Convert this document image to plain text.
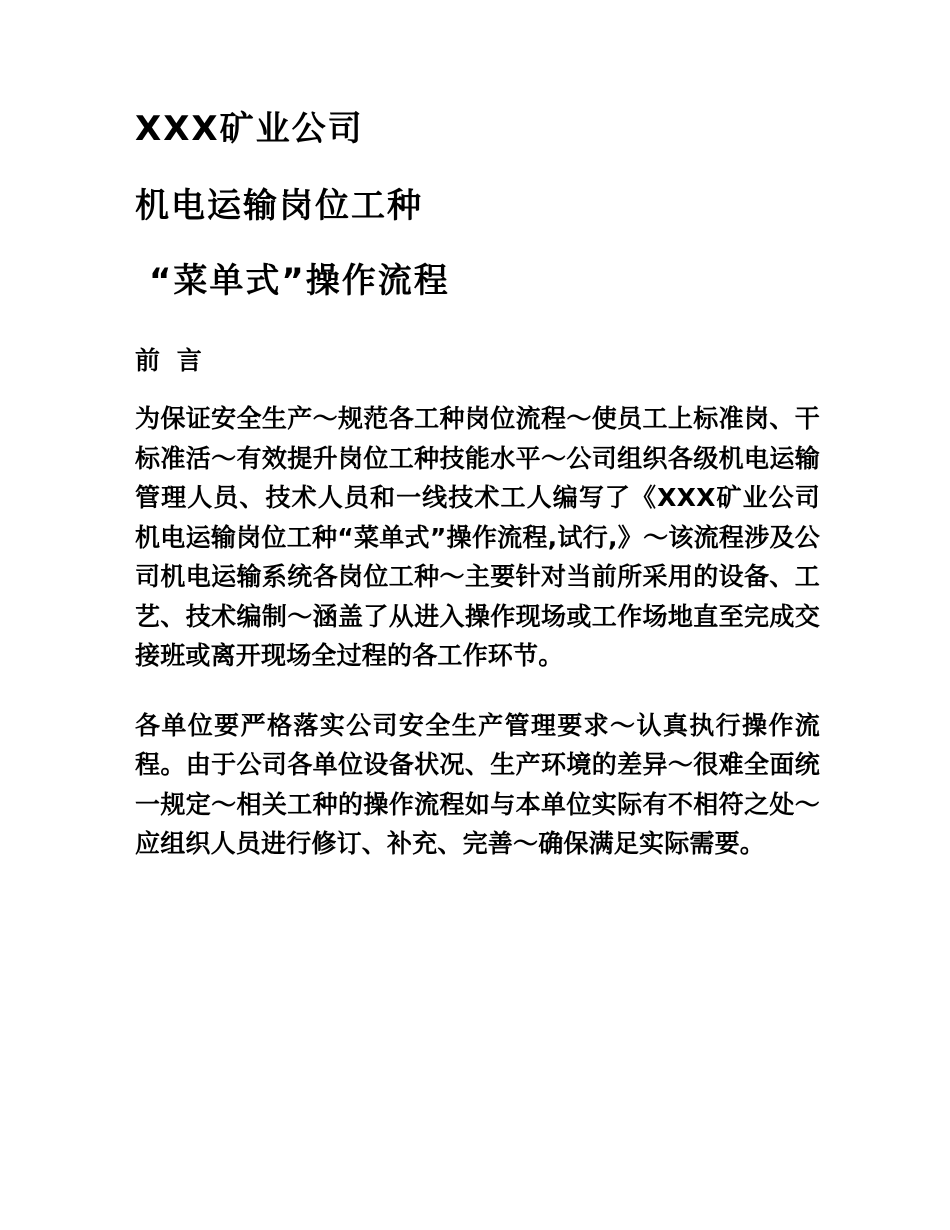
XXX矿业公司
机电运输岗位工种
“菜单式”操作流程
前 言

为保证安全生产～规范各工种岗位流程～使员工上标准岗、干标准活～有效提升岗位工种技能水平～公司组织各级机电运输管理人员、技术人员和一线技术工人编写了《XXX矿业公司机电运输岗位工种“菜单式”操作流程,试行,》～该流程涉及公司机电运输系统各岗位工种～主要针对当前所采用的设备、工艺、技术编制～涵盖了从进入操作现场或工作场地直至完成交接班或离开现场全过程的各工作环节。

各单位要严格落实公司安全生产管理要求～认真执行操作流程。由于公司各单位设备状况、生产环境的差异～很难全面统一规定～相关工种的操作流程如与本单位实际有不相符之处～应组织人员进行修订、补充、完善～确保满足实际需要。
